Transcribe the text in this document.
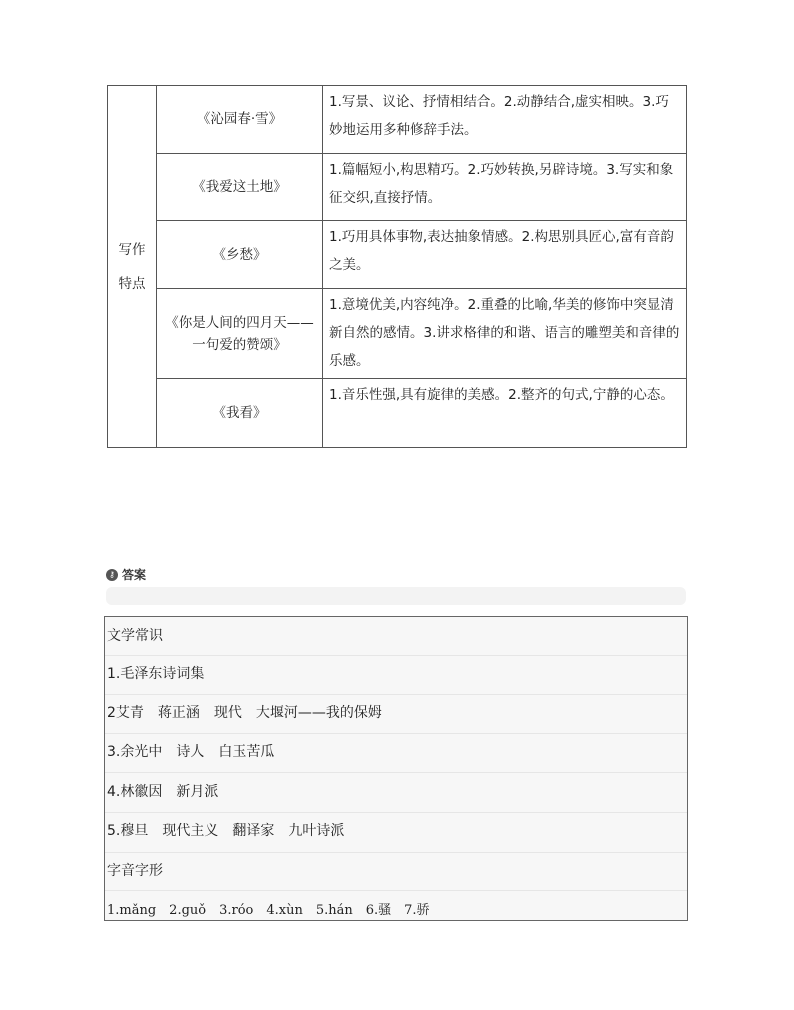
写作
特点	《沁园春·雪》	1.写景、议论、抒情相结合。2.动静结合,虚实相映。3.巧妙地运用多种修辞手法。
	《我爱这土地》	1.篇幅短小,构思精巧。2.巧妙转换,另辟诗境。3.写实和象征交织,直接抒情。
	《乡愁》	1.巧用具体事物,表达抽象情感。2.构思别具匠心,富有音韵之美。
	《你是人间的四月天——一句爱的赞颂》	1.意境优美,内容纯净。2.重叠的比喻,华美的修饰中突显清新自然的感情。3.讲求格律的和谐、语言的雕塑美和音律的乐感。
	《我看》	1.音乐性强,具有旋律的美感。2.整齐的句式,宁静的心态。
⚷ 答案
文学常识
1.毛泽东诗词集
2艾青　蒋正涵　现代　大堰河——我的保姆
3.余光中　诗人　白玉苦瓜
4.林徽因　新月派
5.穆旦　现代主义　翻译家　九叶诗派
字音字形
1.mǎng　2.guǒ　3.róo　4.xùn　5.hán　6.骚　7.骄
